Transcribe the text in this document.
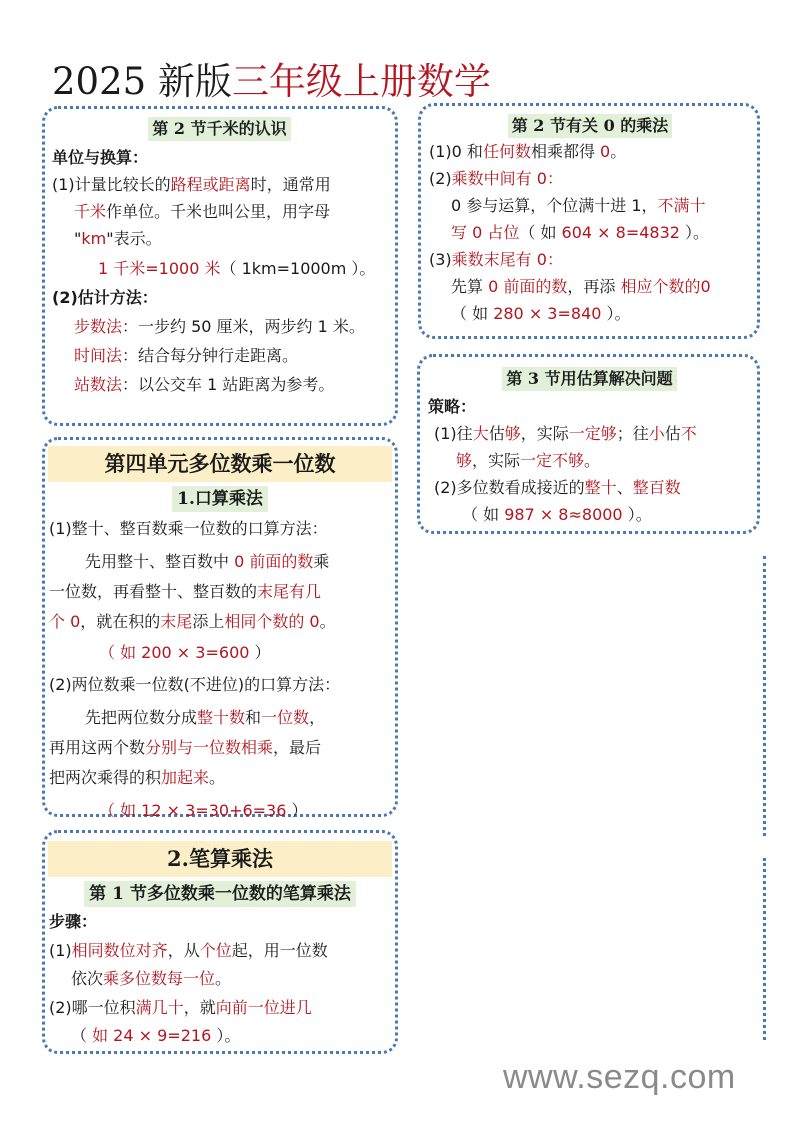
2025 新版三年级上册数学
第 2 节千米的认识
单位与换算：
(1)计量比较长的路程或距离时，通常用
千米作单位。千米也叫公里，用字母
"km"表示。
1 千米=1000 米（ 1km=1000m ）。
(2)估计方法：
步数法：一步约 50 厘米，两步约 1 米。
时间法：结合每分钟行走距离。
站数法：以公交车 1 站距离为参考。
第 2 节有关 0 的乘法
(1)0 和任何数相乘都得 0。
(2)乘数中间有 0：
0 参与运算，个位满十进 1，不满十
写 0 占位（ 如 604 × 8=4832 ）。
(3)乘数末尾有 0：
先算 0 前面的数，再添 相应个数的0
（ 如 280 × 3=840 ）。
第 3 节用估算解决问题
策略：
(1)往大估够，实际一定够；往小估不
够，实际一定不够。
(2)多位数看成接近的整十、整百数
（ 如 987 × 8≈8000 ）。
第四单元多位数乘一位数
1.口算乘法
(1)整十、整百数乘一位数的口算方法：
先用整十、整百数中 0 前面的数乘
一位数，再看整十、整百数的末尾有几
个 0，就在积的末尾添上相同个数的 0。
（ 如 200 × 3=600 ）
(2)两位数乘一位数(不进位)的口算方法：
先把两位数分成整十数和一位数，
再用这两个数分别与一位数相乘，最后
把两次乘得的积加起来。
（ 如 12 × 3=30+6=36 ）
2.笔算乘法
第 1 节多位数乘一位数的笔算乘法
步骤：
(1)相同数位对齐，从个位起，用一位数
依次乘多位数每一位。
(2)哪一位积满几十，就向前一位进几
（ 如 24 × 9=216 ）。
www.sezq.com
